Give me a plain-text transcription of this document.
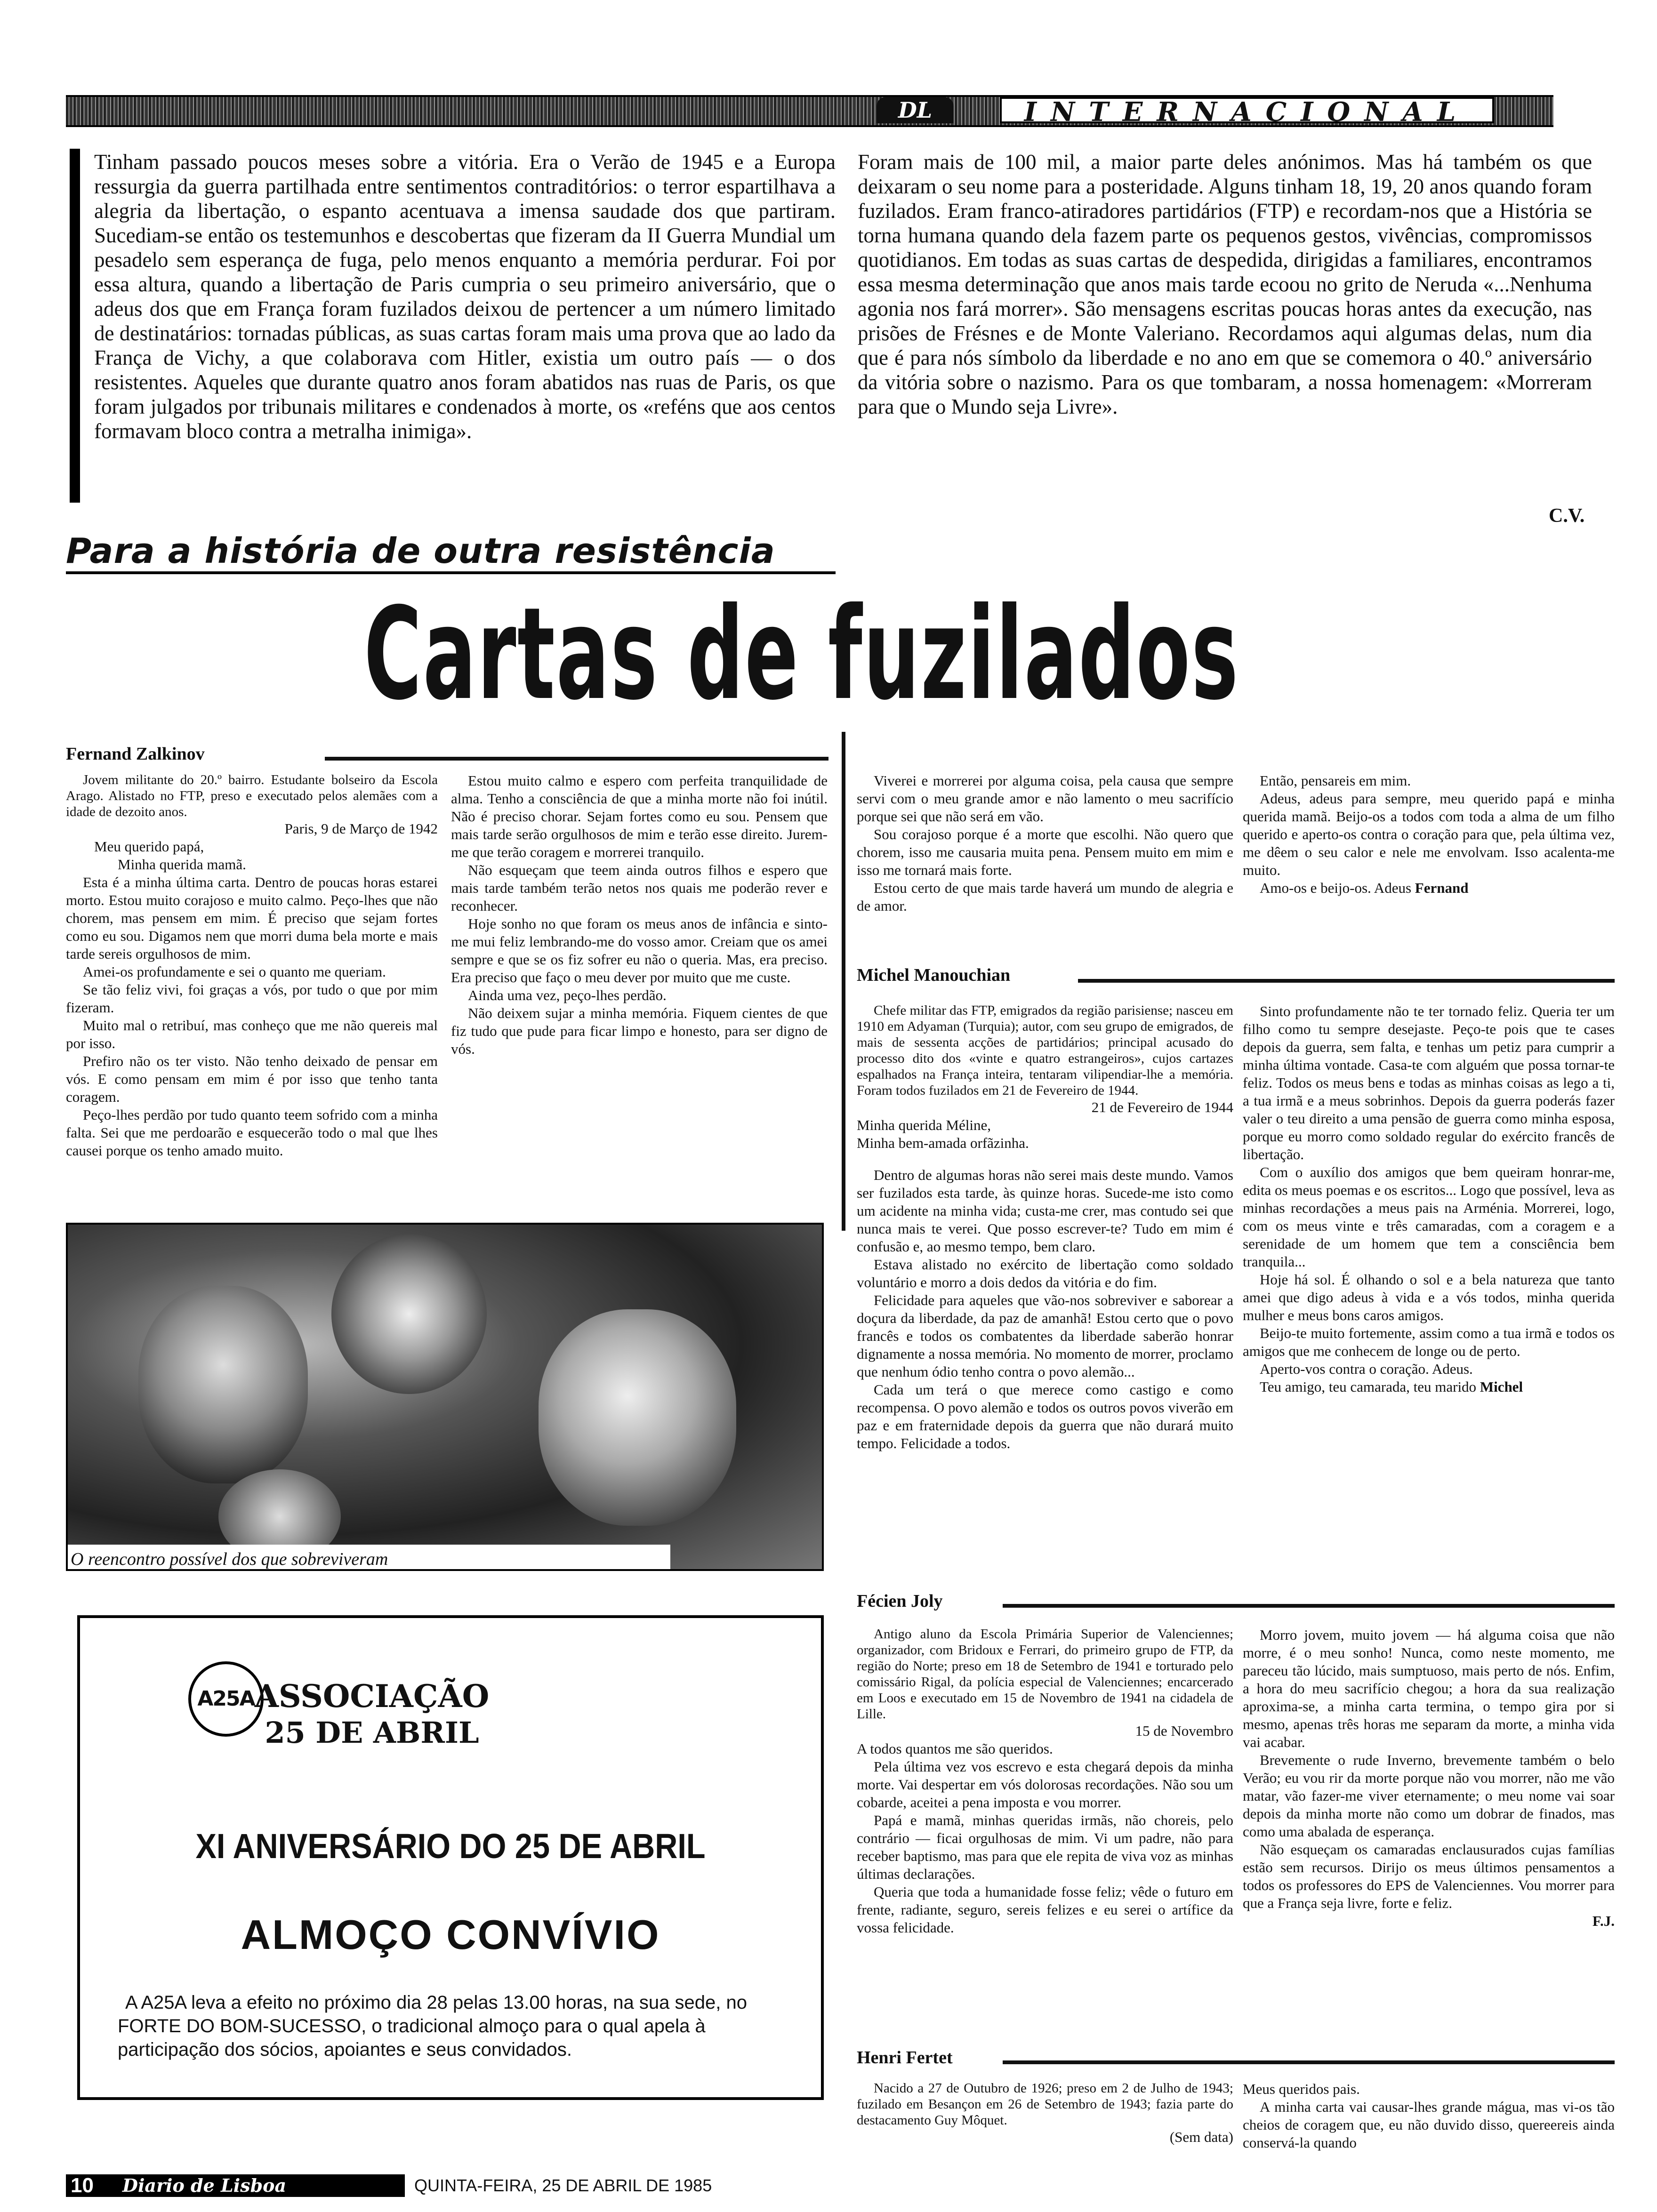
DL	INTERNACIONAL
Tinham passado poucos meses sobre a vitória. Era o Verão de 1945 e a Europa ressurgia da guerra partilhada entre sentimentos contraditórios: o terror espartilhava a alegria da libertação, o espanto acentuava a imensa saudade dos que partiram. Sucediam-se então os testemunhos e descobertas que fizeram da II Guerra Mundial um pesadelo sem esperança de fuga, pelo menos enquanto a memória perdurar. Foi por essa altura, quando a libertação de Paris cumpria o seu primeiro aniversário, que o adeus dos que em França foram fuzilados deixou de pertencer a um número limitado de destinatários: tornadas públicas, as suas cartas foram mais uma prova que ao lado da França de Vichy, a que colaborava com Hitler, existia um outro país — o dos resistentes. Aqueles que durante quatro anos foram abatidos nas ruas de Paris, os que foram julgados por tribunais militares e condenados à morte, os «reféns que aos centos formavam bloco contra a metralha inimiga».
Foram mais de 100 mil, a maior parte deles anónimos. Mas há também os que deixaram o seu nome para a posteridade. Alguns tinham 18, 19, 20 anos quando foram fuzilados. Eram franco-atiradores partidários (FTP) e recordam-nos que a História se torna humana quando dela fazem parte os pequenos gestos, vivências, compromissos quotidianos. Em todas as suas cartas de despedida, dirigidas a familiares, encontramos essa mesma determinação que anos mais tarde ecoou no grito de Neruda «...Nenhuma agonia nos fará morrer». São mensagens escritas poucas horas antes da execução, nas prisões de Frésnes e de Monte Valeriano. Recordamos aqui algumas delas, num dia que é para nós símbolo da liberdade e no ano em que se comemora o 40.º aniversário da vitória sobre o nazismo. Para os que tombaram, a nossa homenagem: «Morreram para que o Mundo seja Livre».
C.V.
Para a história de outra resistência
Cartas de fuzilados
Fernand Zalkinov

Jovem militante do 20.º bairro. Estudante bolseiro da Escola Arago. Alistado no FTP, preso e executado pelos alemães com a idade de dezoito anos.

Paris, 9 de Março de 1942

Meu querido papá,

Minha querida mamã.

Esta é a minha última carta. Dentro de poucas horas estarei morto. Estou muito corajoso e muito calmo. Peço-lhes que não chorem, mas pensem em mim. É preciso que sejam fortes como eu sou. Digamos nem que morri duma bela morte e mais tarde sereis orgulhosos de mim.

Amei-os profundamente e sei o quanto me queriam.

Se tão feliz vivi, foi graças a vós, por tudo o que por mim fizeram.

Muito mal o retribuí, mas conheço que me não quereis mal por isso.

Prefiro não os ter visto. Não tenho deixado de pensar em vós. E como pensam em mim é por isso que tenho tanta coragem.

Peço-lhes perdão por tudo quanto teem sofrido com a minha falta. Sei que me perdoarão e esquecerão todo o mal que lhes causei porque os tenho amado muito.

Estou muito calmo e espero com perfeita tranquilidade de alma. Tenho a consciência de que a minha morte não foi inútil. Não é preciso chorar. Sejam fortes como eu sou. Pensem que mais tarde serão orgulhosos de mim e terão esse direito. Jurem-me que terão coragem e morrerei tranquilo.

Não esqueçam que teem ainda outros filhos e espero que mais tarde também terão netos nos quais me poderão rever e reconhecer.

Hoje sonho no que foram os meus anos de infância e sinto-me mui feliz lembrando-me do vosso amor. Creiam que os amei sempre e que se os fiz sofrer eu não o queria. Mas, era preciso. Era preciso que faço o meu dever por muito que me custe.

Ainda uma vez, peço-lhes perdão.

Não deixem sujar a minha memória. Fiquem cientes de que fiz tudo que pude para ficar limpo e honesto, para ser digno de vós.

Viverei e morrerei por alguma coisa, pela causa que sempre servi com o meu grande amor e não lamento o meu sacrifício porque sei que não será em vão.

Sou corajoso porque é a morte que escolhi. Não quero que chorem, isso me causaria muita pena. Pensem muito em mim e isso me tornará mais forte.

Estou certo de que mais tarde haverá um mundo de alegria e de amor.

Então, pensareis em mim.

Adeus, adeus para sempre, meu querido papá e minha querida mamã. Beijo-os a todos com toda a alma de um filho querido e aperto-os contra o coração para que, pela última vez, me dêem o seu calor e nele me envolvam. Isso acalenta-me muito.

Amo-os e beijo-os. Adeus Fernand

O reencontro possível dos que sobreviveram
A25A ASSOCIAÇÃO
25 DE ABRIL
XI ANIVERSÁRIO DO 25 DE ABRIL
ALMOÇO CONVÍVIO
A A25A leva a efeito no próximo dia 28 pelas 13.00 horas, na sua sede, no FORTE DO BOM-SUCESSO, o tradicional almoço para o qual apela à participação dos sócios, apoiantes e seus convidados.
Michel Manouchian

Chefe militar das FTP, emigrados da região parisiense; nasceu em 1910 em Adyaman (Turquia); autor, com seu grupo de emigrados, de mais de sessenta acções de partidários; principal acusado do processo dito dos «vinte e quatro estrangeiros», cujos cartazes espalhados na França inteira, tentaram vilipendiar-lhe a memória. Foram todos fuzilados em 21 de Fevereiro de 1944.

21 de Fevereiro de 1944

Minha querida Méline,

Minha bem-amada orfãzinha.

Dentro de algumas horas não serei mais deste mundo. Vamos ser fuzilados esta tarde, às quinze horas. Sucede-me isto como um acidente na minha vida; custa-me crer, mas contudo sei que nunca mais te verei. Que posso escrever-te? Tudo em mim é confusão e, ao mesmo tempo, bem claro.

Estava alistado no exército de libertação como soldado voluntário e morro a dois dedos da vitória e do fim.

Felicidade para aqueles que vão-nos sobreviver e saborear a doçura da liberdade, da paz de amanhã! Estou certo que o povo francês e todos os combatentes da liberdade saberão honrar dignamente a nossa memória. No momento de morrer, proclamo que nenhum ódio tenho contra o povo alemão...

Cada um terá o que merece como castigo e como recompensa. O povo alemão e todos os outros povos viverão em paz e em fraternidade depois da guerra que não durará muito tempo. Felicidade a todos.

Sinto profundamente não te ter tornado feliz. Queria ter um filho como tu sempre desejaste. Peço-te pois que te cases depois da guerra, sem falta, e tenhas um petiz para cumprir a minha última vontade. Casa-te com alguém que possa tornar-te feliz. Todos os meus bens e todas as minhas coisas as lego a ti, a tua irmã e a meus sobrinhos. Depois da guerra poderás fazer valer o teu direito a uma pensão de guerra como minha esposa, porque eu morro como soldado regular do exército francês de libertação.

Com o auxílio dos amigos que bem queiram honrar-me, edita os meus poemas e os escritos... Logo que possível, leva as minhas recordações a meus pais na Arménia. Morrerei, logo, com os meus vinte e três camaradas, com a coragem e a serenidade de um homem que tem a consciência bem tranquila...

Hoje há sol. É olhando o sol e a bela natureza que tanto amei que digo adeus à vida e a vós todos, minha querida mulher e meus bons caros amigos.

Beijo-te muito fortemente, assim como a tua irmã e todos os amigos que me conhecem de longe ou de perto.

Aperto-vos contra o coração. Adeus.

Teu amigo, teu camarada, teu marido Michel

Fécien Joly

Antigo aluno da Escola Primária Superior de Valenciennes; organizador, com Bridoux e Ferrari, do primeiro grupo de FTP, da região do Norte; preso em 18 de Setembro de 1941 e torturado pelo comissário Rigal, da polícia especial de Valenciennes; encarcerado em Loos e executado em 15 de Novembro de 1941 na cidadela de Lille.

15 de Novembro

A todos quantos me são queridos.

Pela última vez vos escrevo e esta chegará depois da minha morte. Vai despertar em vós dolorosas recordações. Não sou um cobarde, aceitei a pena imposta e vou morrer.

Papá e mamã, minhas queridas irmãs, não choreis, pelo contrário — ficai orgulhosas de mim. Vi um padre, não para receber baptismo, mas para que ele repita de viva voz as minhas últimas declarações.

Queria que toda a humanidade fosse feliz; vêde o futuro em frente, radiante, seguro, sereis felizes e eu serei o artífice da vossa felicidade.

Morro jovem, muito jovem — há alguma coisa que não morre, é o meu sonho! Nunca, como neste momento, me pareceu tão lúcido, mais sumptuoso, mais perto de nós. Enfim, a hora do meu sacrifício chegou; a hora da sua realização aproxima-se, a minha carta termina, o tempo gira por si mesmo, apenas três horas me separam da morte, a minha vida vai acabar.

Brevemente o rude Inverno, brevemente também o belo Verão; eu vou rir da morte porque não vou morrer, não me vão matar, vão fazer-me viver eternamente; o meu nome vai soar depois da minha morte não como um dobrar de finados, mas como uma abalada de esperança.

Não esqueçam os camaradas enclausurados cujas famílias estão sem recursos. Dirijo os meus últimos pensamentos a todos os professores do EPS de Valenciennes. Vou morrer para que a França seja livre, forte e feliz.

F.J.

Henri Fertet

Nacido a 27 de Outubro de 1926; preso em 2 de Julho de 1943; fuzilado em Besançon em 26 de Setembro de 1943; fazia parte do destacamento Guy Môquet.

(Sem data)

Meus queridos pais.

A minha carta vai causar-lhes grande mágua, mas vi-os tão cheios de coragem que, eu não duvido disso, quereereis ainda conservá-la quando

10 Diario de Lisboa	QUINTA-FEIRA, 25 DE ABRIL DE 1985
